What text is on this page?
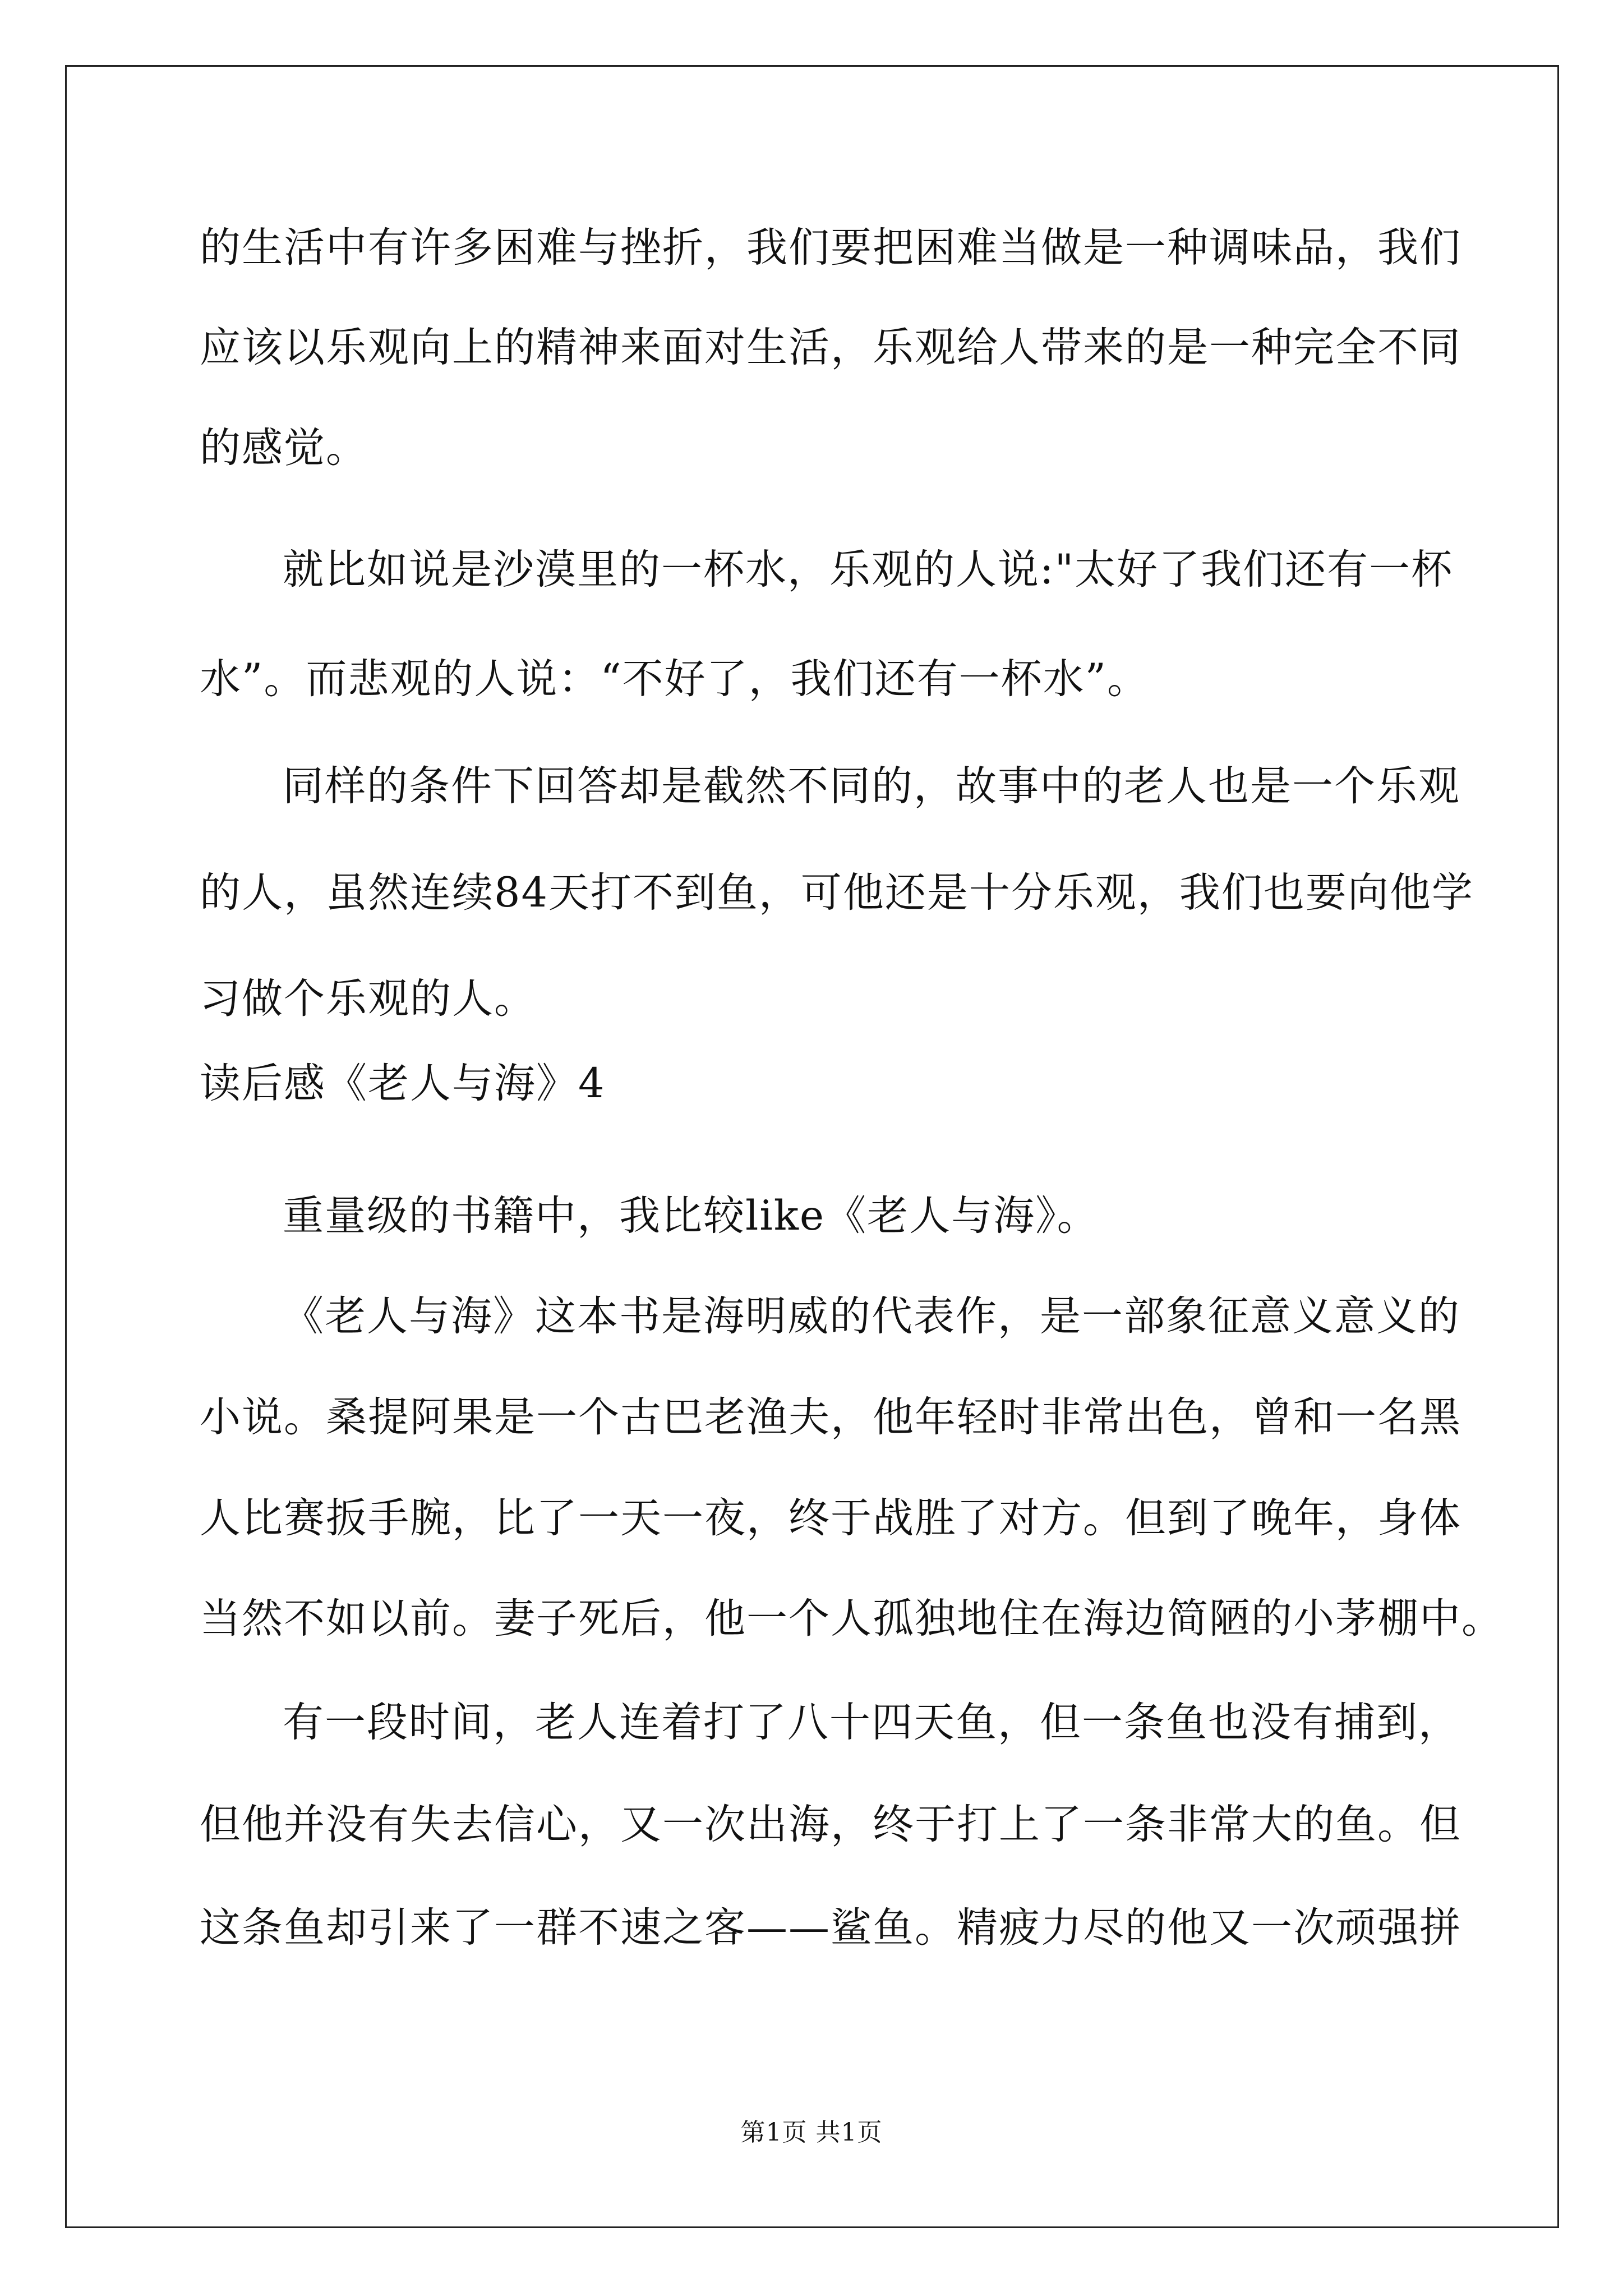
的生活中有许多困难与挫折，我们要把困难当做是一种调味品，我们
应该以乐观向上的精神来面对生活，乐观给人带来的是一种完全不同
的感觉。
就比如说是沙漠里的一杯水，乐观的人说:"太好了我们还有一杯
水”。而悲观的人说：“不好了，我们还有一杯水”。
同样的条件下回答却是截然不同的，故事中的老人也是一个乐观
的人，虽然连续84天打不到鱼，可他还是十分乐观，我们也要向他学
习做个乐观的人。
读后感《老人与海》4
重量级的书籍中，我比较like《老人与海》。
《老人与海》这本书是海明威的代表作，是一部象征意义意义的
小说。桑提阿果是一个古巴老渔夫，他年轻时非常出色，曾和一名黑
人比赛扳手腕，比了一天一夜，终于战胜了对方。但到了晚年，身体
当然不如以前。妻子死后，他一个人孤独地住在海边简陋的小茅棚中。
有一段时间，老人连着打了八十四天鱼，但一条鱼也没有捕到，
但他并没有失去信心，又一次出海，终于打上了一条非常大的鱼。但
这条鱼却引来了一群不速之客——鲨鱼。精疲力尽的他又一次顽强拼
第1页 共1页
